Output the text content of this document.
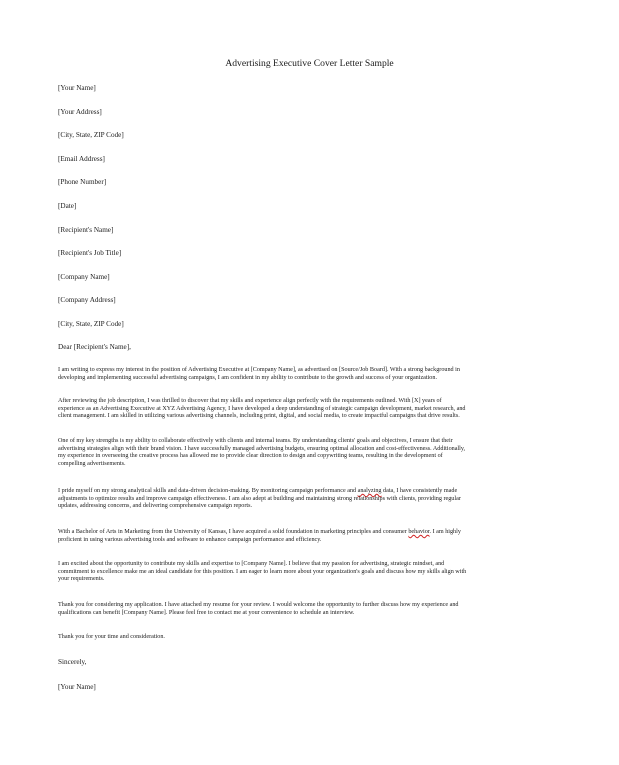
Advertising Executive Cover Letter Sample
[Your Name]
[Your Address]
[City, State, ZIP Code]
[Email Address]
[Phone Number]
[Date]
[Recipient's Name]
[Recipient's Job Title]
[Company Name]
[Company Address]
[City, State, ZIP Code]
Dear [Recipient's Name],
I am writing to express my interest in the position of Advertising Executive at [Company Name], as advertised on [Source/Job Board]. With a strong background in
developing and implementing successful advertising campaigns, I am confident in my ability to contribute to the growth and success of your organization.
After reviewing the job description, I was thrilled to discover that my skills and experience align perfectly with the requirements outlined. With [X] years of
experience as an Advertising Executive at XYZ Advertising Agency, I have developed a deep understanding of strategic campaign development, market research, and
client management. I am skilled in utilizing various advertising channels, including print, digital, and social media, to create impactful campaigns that drive results.
One of my key strengths is my ability to collaborate effectively with clients and internal teams. By understanding clients' goals and objectives, I ensure that their
advertising strategies align with their brand vision. I have successfully managed advertising budgets, ensuring optimal allocation and cost-effectiveness. Additionally,
my experience in overseeing the creative process has allowed me to provide clear direction to design and copywriting teams, resulting in the development of
compelling advertisements.
I pride myself on my strong analytical skills and data-driven decision-making. By monitoring campaign performance and analyzing data, I have consistently made
adjustments to optimize results and improve campaign effectiveness. I am also adept at building and maintaining strong relationships with clients, providing regular
updates, addressing concerns, and delivering comprehensive campaign reports.
With a Bachelor of Arts in Marketing from the University of Kansas, I have acquired a solid foundation in marketing principles and consumer behavior. I am highly
proficient in using various advertising tools and software to enhance campaign performance and efficiency.
I am excited about the opportunity to contribute my skills and expertise to [Company Name]. I believe that my passion for advertising, strategic mindset, and
commitment to excellence make me an ideal candidate for this position. I am eager to learn more about your organization's goals and discuss how my skills align with
your requirements.
Thank you for considering my application. I have attached my resume for your review. I would welcome the opportunity to further discuss how my experience and
qualifications can benefit [Company Name]. Please feel free to contact me at your convenience to schedule an interview.
Thank you for your time and consideration.
Sincerely,
[Your Name]
